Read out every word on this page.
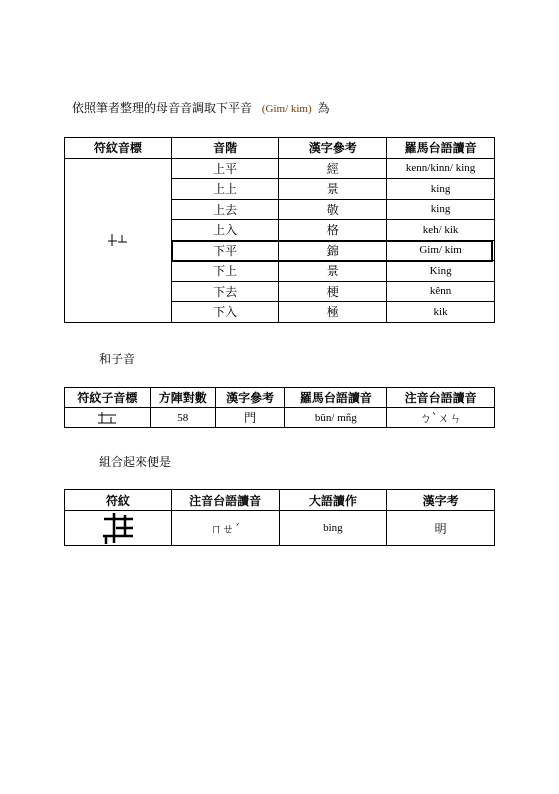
依照筆者整理的母音音調取下平音 (Gim/ kim) 為
符紋音標	音階	漢字參考	羅馬台語讀音

	上平	經	kenn/kinn/ king
	上上	景	king
	上去	敬	king
	上入	格	keh/ kik
	下平	錦	Gim/ kim
	下上	景	King
	下去	梗	kênn
	下入	極	kik
和子音
符紋子音標	方陣對數	漢字參考	羅馬台語讀音	注音台語讀音

	58	門	bûn/ mn̂g	ㄅˋㄨㄣ
組合起來便是
符紋	注音台語讀音	大語讀作	漢字考

	ㄇㄝˊ	bing	明
